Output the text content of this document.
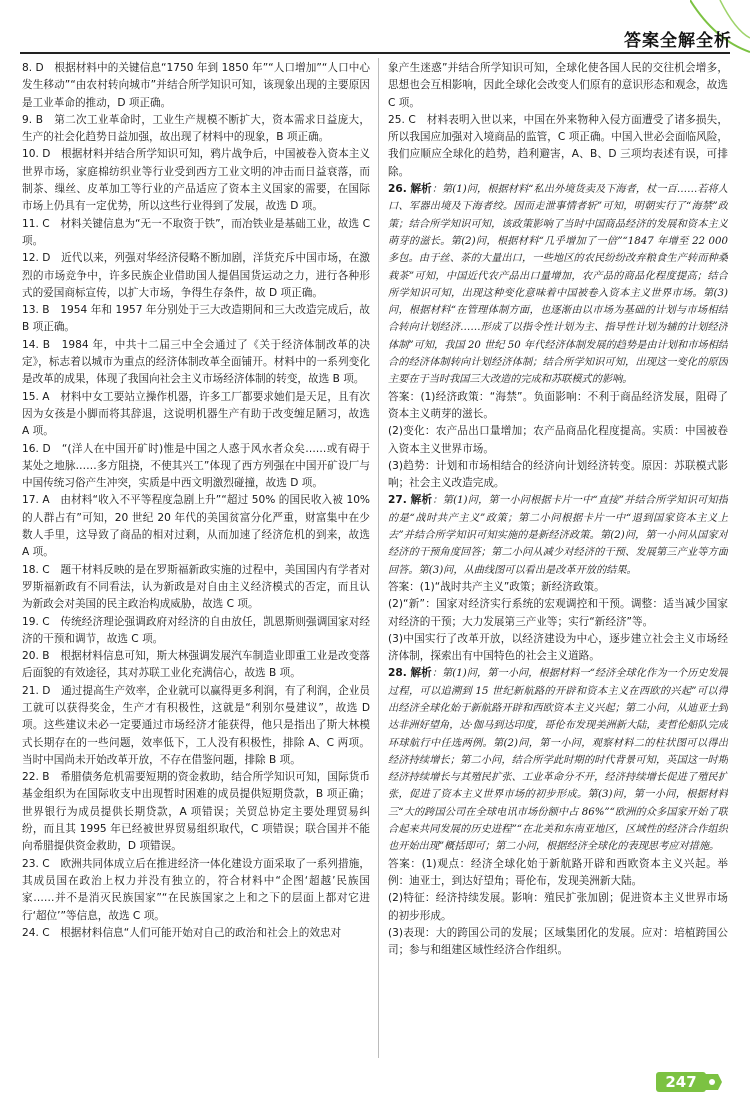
答案全解全析

8. D　根据材料中的关键信息“1750 年到 1850 年”“人口增加”“人口中心发生移动”“由农村转向城市”并结合所学知识可知，该现象出现的主要原因是工业革命的推动，D 项正确。

9. B　第二次工业革命时，工业生产规模不断扩大，资本需求日益庞大，生产的社会化趋势日益加强，故出现了材料中的现象，B 项正确。

10. D　根据材料并结合所学知识可知，鸦片战争后，中国被卷入资本主义世界市场，家庭棉纺织业等行业受到西方工业文明的冲击而日益衰落，而制茶、缫丝、皮革加工等行业的产品适应了资本主义国家的需要，在国际市场上仍具有一定优势，所以这些行业得到了发展，故选 D 项。

11. C　材料关键信息为“无一不取资于铁”，而冶铁业是基础工业，故选 C 项。

12. D　近代以来，列强对华经济侵略不断加剧，洋货充斥中国市场，在激烈的市场竞争中，许多民族企业借助国人提倡国货运动之力，进行各种形式的爱国商标宣传，以扩大市场，争得生存条件，故 D 项正确。

13. B　1954 年和 1957 年分别处于三大改造期间和三大改造完成后，故 B 项正确。

14. B　1984 年，中共十二届三中全会通过了《关于经济体制改革的决定》，标志着以城市为重点的经济体制改革全面铺开。材料中的一系列变化是改革的成果，体现了我国向社会主义市场经济体制的转变，故选 B 项。

15. A　材料中女工要站立操作机器，许多工厂都要求她们是天足，且有次因为女孩是小脚而将其辞退，这说明机器生产有助于改变缠足陋习，故选 A 项。

16. D　“(洋人在中国开矿时)惟是中国之人惑于风水者众矣……或有碍于某处之地脉……多方阻挠，不使其兴工”体现了西方列强在中国开矿设厂与中国传统习俗产生冲突，实质是中西文明激烈碰撞，故选 D 项。

17. A　由材料“收入不平等程度急剧上升”“超过 50% 的国民收入被 10% 的人群占有”可知，20 世纪 20 年代的美国贫富分化严重，财富集中在少数人手里，这导致了商品的相对过剩，从而加速了经济危机的到来，故选 A 项。

18. C　题干材料反映的是在罗斯福新政实施的过程中，美国国内有学者对罗斯福新政有不同看法，认为新政是对自由主义经济模式的否定，而且认为新政会对美国的民主政治构成威胁，故选 C 项。

19. C　传统经济理论强调政府对经济的自由放任，凯恩斯则强调国家对经济的干预和调节，故选 C 项。

20. B　根据材料信息可知，斯大林强调发展汽车制造业即重工业是改变落后面貌的有效途径，其对苏联工业化充满信心，故选 B 项。

21. D　通过提高生产效率，企业就可以赢得更多利润，有了利润，企业员工就可以获得奖金，生产才有积极性，这就是“利别尔曼建议”，故选 D 项。这些建议未必一定要通过市场经济才能获得，他只是指出了斯大林模式长期存在的一些问题，效率低下，工人没有积极性，排除 A、C 两项。当时中国尚未开始改革开放，不存在借鉴问题，排除 B 项。

22. B　希腊债务危机需要短期的资金救助，结合所学知识可知，国际货币基金组织为在国际收支中出现暂时困难的成员提供短期贷款，B 项正确；世界银行为成员提供长期贷款，A 项错误；关贸总协定主要处理贸易纠纷，而且其 1995 年已经被世界贸易组织取代，C 项错误；联合国并不能向希腊提供资金救助，D 项错误。

23. C　欧洲共同体成立后在推进经济一体化建设方面采取了一系列措施，其成员国在政治上权力并没有独立的，符合材料中“企图‘超越’民族国家……并不是消灭民族国家”“在民族国家之上和之下的层面上都对它进行‘超位’”等信息，故选 C 项。

24. C　根据材料信息“人们可能开始对自己的政治和社会上的效忠对

象产生迷惑”并结合所学知识可知，全球化使各国人民的交往机会增多，思想也会互相影响，因此全球化会改变人们原有的意识形态和观念，故选 C 项。

25. C　材料表明入世以来，中国在外来物种入侵方面遭受了诸多损失，所以我国应加强对入境商品的监管，C 项正确。中国入世必会面临风险，我们应顺应全球化的趋势，趋利避害，A、B、D 三项均表述有误，可排除。

26. 解析：第(1)问，根据材料“私出外境货卖及下海者，杖一百……若将人口、军器出境及下海者绞。因而走泄事情者斩”可知，明朝实行了“海禁”政策；结合所学知识可知，该政策影响了当时中国商品经济的发展和资本主义萌芽的滋长。第(2)问，根据材料“几乎增加了一倍”“1847 年增至 22 000 多包。由于丝、茶的大量出口，一些地区的农民纷纷改弃粮食生产转而种桑栽茶”可知，中国近代农产品出口量增加，农产品的商品化程度提高；结合所学知识可知，出现这种变化意味着中国被卷入资本主义世界市场。第(3)问，根据材料“在管理体制方面，也逐渐由以市场为基础的计划与市场相结合转向计划经济……形成了以指令性计划为主、指导性计划为辅的计划经济体制”可知，我国 20 世纪 50 年代经济体制发展的趋势是由计划和市场相结合的经济体制转向计划经济体制；结合所学知识可知，出现这一变化的原因主要在于当时我国三大改造的完成和苏联模式的影响。

答案：(1)经济政策：“海禁”。负面影响：不利于商品经济发展，阻碍了资本主义萌芽的滋长。

(2)变化：农产品出口量增加；农产品商品化程度提高。实质：中国被卷入资本主义世界市场。

(3)趋势：计划和市场相结合的经济向计划经济转变。原因：苏联模式影响；社会主义改造完成。

27. 解析：第(1)问，第一小问根据卡片一中“直接”并结合所学知识可知指的是“战时共产主义”政策；第二小问根据卡片一中“退到国家资本主义上去”并结合所学知识可知实施的是新经济政策。第(2)问，第一小问从国家对经济的干预角度回答；第二小问从减少对经济的干预、发展第三产业等方面回答。第(3)问，从曲线图可以看出是改革开放的结果。

答案：(1)“战时共产主义”政策；新经济政策。

(2)“新”：国家对经济实行系统的宏观调控和干预。调整：适当减少国家对经济的干预；大力发展第三产业等；实行“新经济”等。

(3)中国实行了改革开放，以经济建设为中心，逐步建立社会主义市场经济体制，探索出有中国特色的社会主义道路。

28. 解析：第(1)问，第一小问，根据材料一“经济全球化作为一个历史发展过程，可以追溯到 15 世纪新航路的开辟和资本主义在西欧的兴起”可以得出经济全球化始于新航路开辟和西欧资本主义兴起；第二小问，从迪亚士到达非洲好望角，达·伽马到达印度，哥伦布发现美洲新大陆，麦哲伦船队完成环球航行中任选两例。第(2)问，第一小问，观察材料二的柱状图可以得出经济持续增长；第二小问，结合所学此时期的时代背景可知，英国这一时期经济持续增长与其殖民扩张、工业革命分不开，经济持续增长促进了殖民扩张，促进了资本主义世界市场的初步形成。第(3)问，第一小问，根据材料三“大的跨国公司在全球电讯市场份额中占 86%”“欧洲的众多国家开始了联合起来共同发展的历史进程”“在北美和东南亚地区，区域性的经济合作组织也开始出现”概括即可；第二小问，根据经济全球化的表现思考应对措施。

答案：(1)观点：经济全球化始于新航路开辟和西欧资本主义兴起。举例：迪亚士，到达好望角；哥伦布，发现美洲新大陆。

(2)特征：经济持续发展。影响：殖民扩张加剧；促进资本主义世界市场的初步形成。

(3)表现：大的跨国公司的发展；区域集团化的发展。应对：培植跨国公司；参与和组建区域性经济合作组织。

247
